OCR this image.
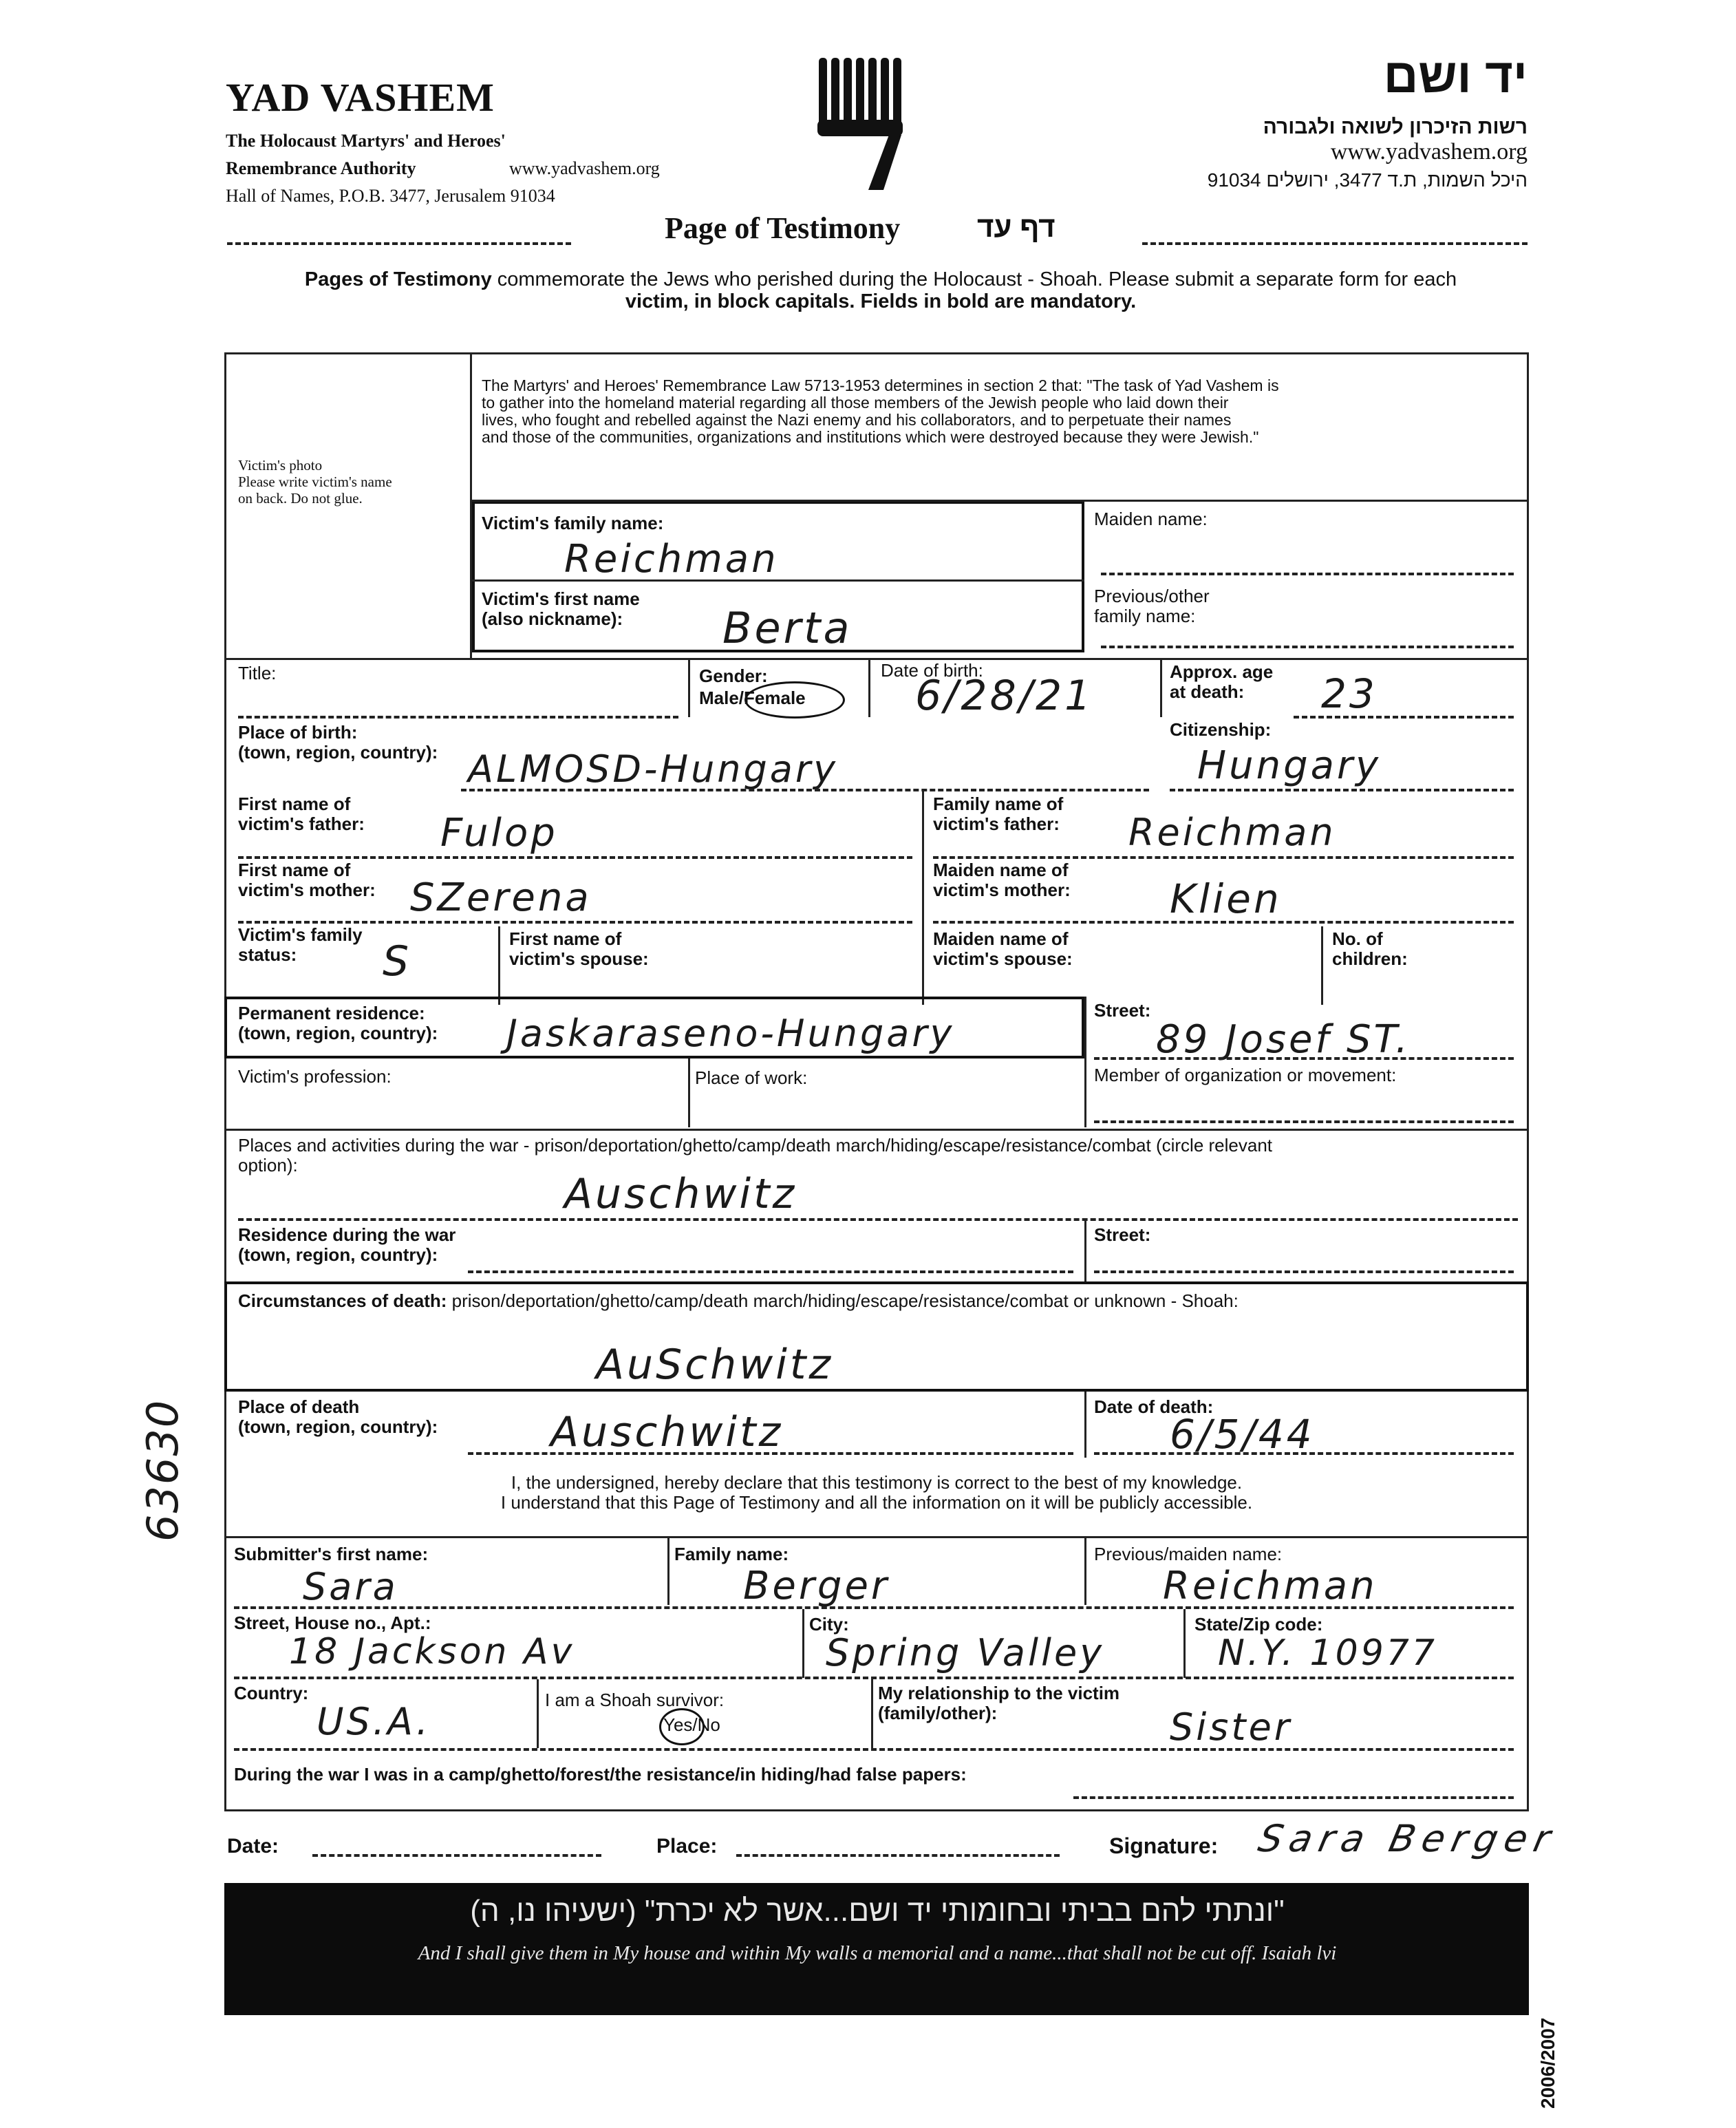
YAD VASHEM
The Holocaust Martyrs' and Heroes'
Remembrance Authority	www.yadvashem.org
Hall of Names, P.O.B. 3477, Jerusalem 91034
Page of Testimony	דף עד
יד ושם
רשות הזיכרון לשואה ולגבורה
www.yadvashem.org
היכל השמות, ת.ד 3477, ירושלים 91034
Pages of Testimony commemorate the Jews who perished during the Holocaust - Shoah. Please submit a separate form for each
victim, in block capitals. Fields in bold are mandatory.
Victim's photo
Please write victim's name
on back. Do not glue.
The Martyrs' and Heroes' Remembrance Law 5713-1953 determines in section 2 that: "The task of Yad Vashem is
to gather into the homeland material regarding all those members of the Jewish people who laid down their
lives, who fought and rebelled against the Nazi enemy and his collaborators, and to perpetuate their names
and those of the communities, organizations and institutions which were destroyed because they were Jewish."
Victim's family name:
Reichman
Victim's first name
(also nickname):	Berta
Maiden name:
Previous/other
family name:
Title:	Gender:
Male/Female
Date of birth:
6/28/21	Approx. age
at death:	23
Place of birth:
(town, region, country): ALMOSD-Hungary
Citizenship:
Hungary
First name of
victim's father: Fulop
Family name of
victim's father: Reichman
First name of
victim's mother: SZerena
Maiden name of
victim's mother: Klien
Victim's family
status:	S	First name of
victim's spouse:
Maiden name of
victim's spouse:
No. of
children:
Permanent residence:
(town, region, country): Jaskaraseno-Hungary
Street:
89 Josef ST.
Victim's profession:	Place of work:	Member of organization or movement:
Places and activities during the war - prison/deportation/ghetto/camp/death march/hiding/escape/resistance/combat (circle relevant
option):
Auschwitz
Residence during the war
(town, region, country):
Street:
Circumstances of death: prison/deportation/ghetto/camp/death march/hiding/escape/resistance/combat or unknown - Shoah:
AuSchwitz
Place of death
(town, region, country):	Auschwitz
Date of death:
6/5/44
I, the undersigned, hereby declare that this testimony is correct to the best of my knowledge.
I understand that this Page of Testimony and all the information on it will be publicly accessible.
Submitter's first name:
Sara
Family name:
Berger
Previous/maiden name:
Reichman
Street, House no., Apt.:
18 Jackson Av
City:
Spring Valley
State/Zip code:
N.Y. 10977
Country:
US.A.	I am a Shoah survivor:
Yes/No
My relationship to the victim
(family/other):	Sister
During the war I was in a camp/ghetto/forest/the resistance/in hiding/had false papers:
Date:	Place:	Signature: Sara Berger
63630
"ונתתי להם בביתי ובחומותי יד ושם...אשר לא יכרת" (ישעיהו נו, ה)
And I shall give them in My house and within My walls a memorial and a name...that shall not be cut off. Isaiah lvi
2006/2007
